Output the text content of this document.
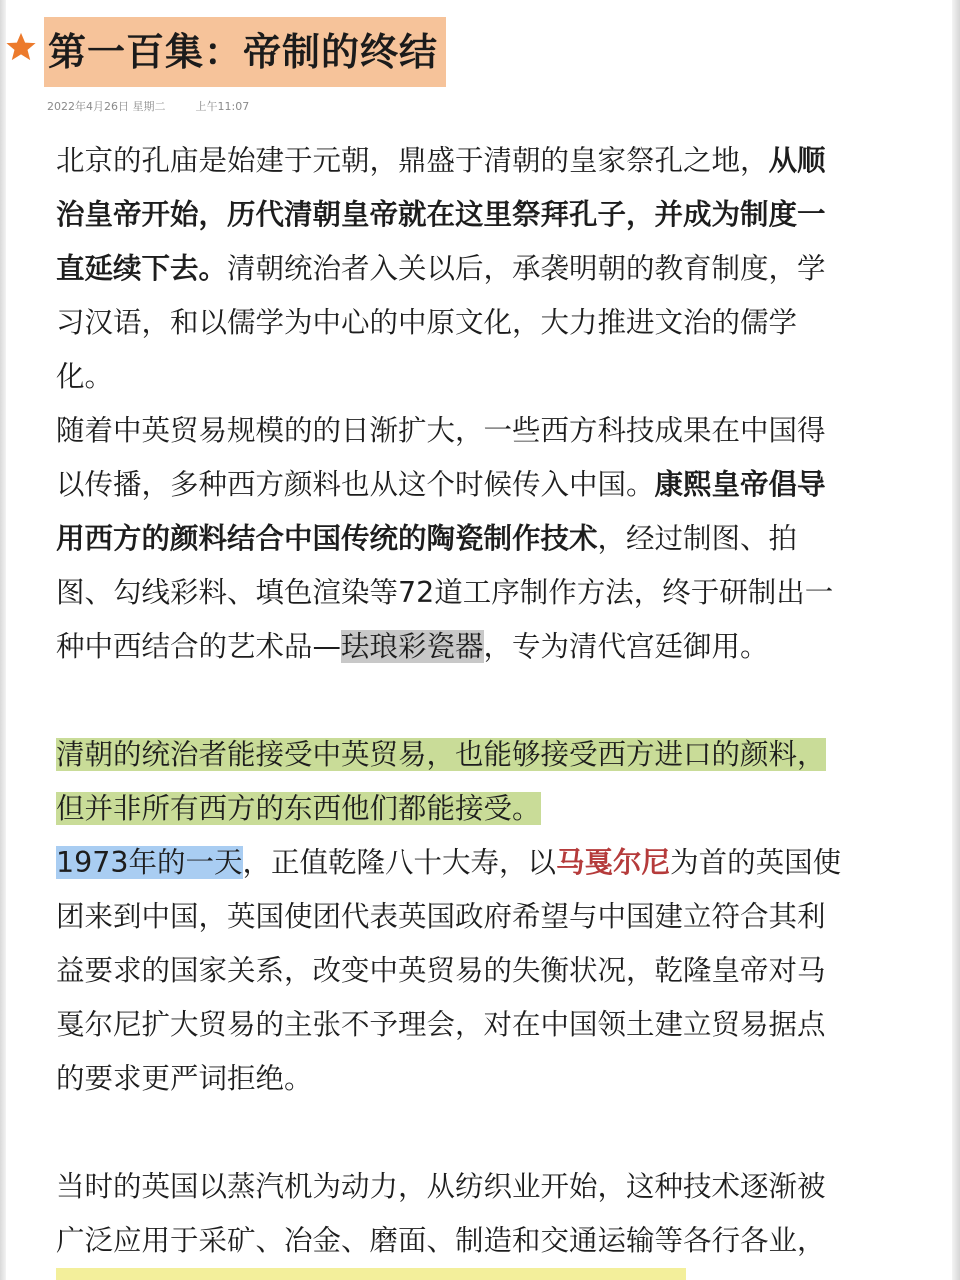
第一百集：帝制的终结
2022年4月26日 星期二	上午11:07

北京的孔庙是始建于元朝，鼎盛于清朝的皇家祭孔之地，从顺

治皇帝开始，历代清朝皇帝就在这里祭拜孔子，并成为制度一

直延续下去。清朝统治者入关以后，承袭明朝的教育制度，学

习汉语，和以儒学为中心的中原文化，大力推进文治的儒学

化。

随着中英贸易规模的的日渐扩大，一些西方科技成果在中国得

以传播，多种西方颜料也从这个时候传入中国。康熙皇帝倡导

用西方的颜料结合中国传统的陶瓷制作技术，经过制图、拍

图、勾线彩料、填色渲染等72道工序制作方法，终于研制出一

种中西结合的艺术品—珐琅彩瓷器，专为清代宫廷御用。

清朝的统治者能接受中英贸易，也能够接受西方进口的颜料，

但并非所有西方的东西他们都能接受。

1973年的一天，正值乾隆八十大寿，以马戛尔尼为首的英国使

团来到中国，英国使团代表英国政府希望与中国建立符合其利

益要求的国家关系，改变中英贸易的失衡状况，乾隆皇帝对马

戛尔尼扩大贸易的主张不予理会，对在中国领土建立贸易据点

的要求更严词拒绝。

当时的英国以蒸汽机为动力，从纺织业开始，这种技术逐渐被

广泛应用于采矿、冶金、磨面、制造和交通运输等各行各业，
